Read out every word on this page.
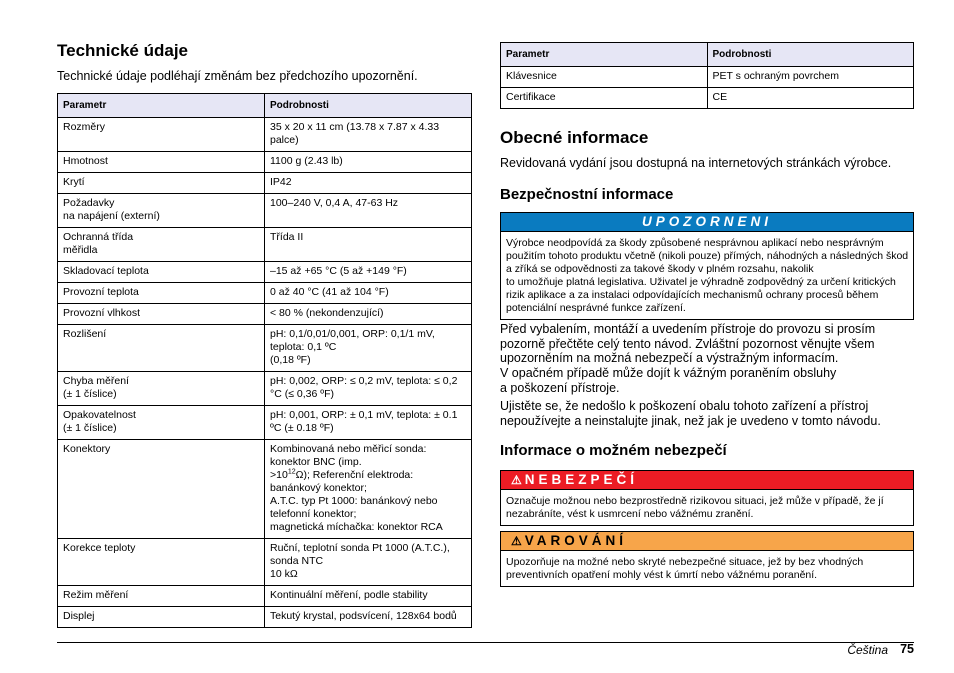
Technické údaje

Technické údaje podléhají změnám bez předchozího upozornění.

Parametr	Podrobnosti
Rozměry	35 x 20 x 11 cm (13.78 x 7.87 x 4.33 palce)
Hmotnost	1100 g (2.43 lb)
Krytí	IP42
Požadavky
na napájení (externí)	100–240 V, 0,4 A, 47-63 Hz
Ochranná třída
měřidla	Třída II
Skladovací teplota	–15 až +65 °C (5 až +149 °F)
Provozní teplota	0 až 40 °C (41 až 104 °F)
Provozní vlhkost	< 80 % (nekondenzující)
Rozlišení	pH: 0,1/0,01/0,001, ORP: 0,1/1 mV, teplota: 0,1 ºC
(0,18 ºF)
Chyba měření
(± 1 číslice)	pH: 0,002, ORP: ≤ 0,2 mV, teplota: ≤ 0,2 °C (≤ 0,36 ºF)
Opakovatelnost
(± 1 číslice)	pH: 0,001, ORP: ± 0,1 mV, teplota: ± 0.1 ºC (± 0.18 ºF)
Konektory	Kombinovaná nebo měřicí sonda: konektor BNC (imp.
$>10^{12}\Omega$); Referenční elektroda: banánkový konektor;
A.T.C. typ Pt 1000: banánkový nebo telefonní konektor;
magnetická míchačka: konektor RCA
Korekce teploty	Ruční, teplotní sonda Pt 1000 (A.T.C.), sonda NTC
10 kΩ
Režim měření	Kontinuální měření, podle stability
Displej	Tekutý krystal, podsvícení, 128x64 bodů
Parametr	Podrobnosti
Klávesnice	PET s ochraným povrchem
Certifikace	CE
Obecné informace

Revidovaná vydání jsou dostupná na internetových stránkách výrobce.

Bezpečnostní informace
UPOZORNENI
Výrobce neodpovídá za škody způsobené nesprávnou aplikací nebo nesprávným použitím tohoto produktu včetně (nikoli pouze) přímých, náhodných a následných škod a zříká se odpovědnosti za takové škody v plném rozsahu, nakolik
to umožňuje platná legislativa. Uživatel je výhradně zodpovědný za určení kritických rizik aplikace a za instalaci odpovídajících mechanismů ochrany procesů během potenciální nesprávné funkce zařízení.

Před vybalením, montáží a uvedením přístroje do provozu si prosím pozorně přečtěte celý tento návod. Zvláštní pozornost věnujte všem upozorněním na možná nebezpečí a výstražným informacím.
V opačném případě může dojít k vážným poraněním obsluhy
a poškození přístroje.

Ujistěte se, že nedošlo k poškození obalu tohoto zařízení a přístroj nepoužívejte a neinstalujte jinak, než jak je uvedeno v tomto návodu.

Informace o možném nebezpečí
⚠ NEBEZPEČÍ
Označuje možnou nebo bezprostředně rizikovou situaci, jež může v případě, že jí nezabráníte, vést k usmrcení nebo vážnému zranění.
⚠ VAROVÁNÍ
Upozorňuje na možné nebo skryté nebezpečné situace, jež by bez vhodných preventivních opatření mohly vést k úmrtí nebo vážnému poranění.
Čeština 75
